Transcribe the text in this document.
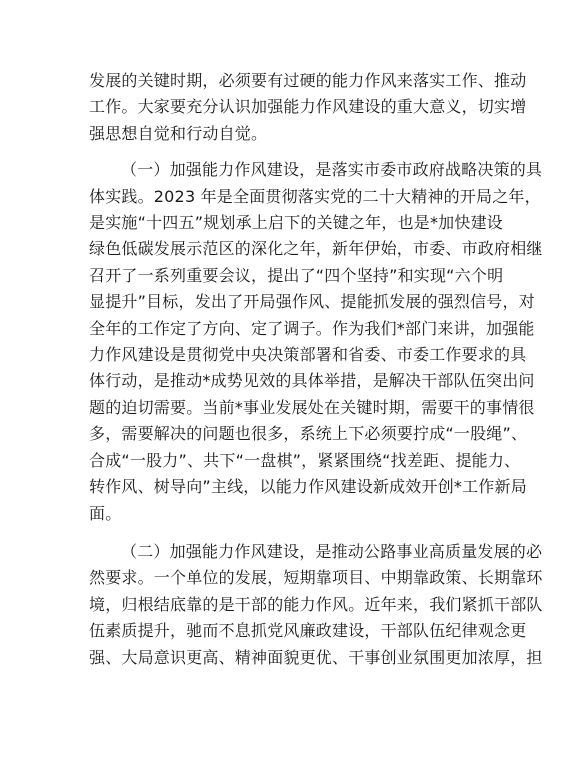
发展的关键时期，必须要有过硬的能力作风来落实工作、推动
工作。大家要充分认识加强能力作风建设的重大意义，切实增
强思想自觉和行动自觉。
（一）加强能力作风建设，是落实市委市政府战略决策的具
体实践。2023 年是全面贯彻落实党的二十大精神的开局之年，
是实施“十四五”规划承上启下的关键之年，也是*加快建设
绿色低碳发展示范区的深化之年，新年伊始，市委、市政府相继
召开了一系列重要会议，提出了“四个坚持”和实现“六个明
显提升”目标，发出了开局强作风、提能抓发展的强烈信号，对
全年的工作定了方向、定了调子。作为我们*部门来讲，加强能
力作风建设是贯彻党中央决策部署和省委、市委工作要求的具
体行动，是推动*成势见效的具体举措，是解决干部队伍突出问
题的迫切需要。当前*事业发展处在关键时期，需要干的事情很
多，需要解决的问题也很多，系统上下必须要拧成“一股绳”、
合成“一股力”、共下“一盘棋”，紧紧围绕“找差距、提能力、
转作风、树导向”主线，以能力作风建设新成效开创*工作新局
面。
（二）加强能力作风建设，是推动公路事业高质量发展的必
然要求。一个单位的发展，短期靠项目、中期靠政策、长期靠环
境，归根结底靠的是干部的能力作风。近年来，我们紧抓干部队
伍素质提升，驰而不息抓党风廉政建设，干部队伍纪律观念更
强、大局意识更高、精神面貌更优、干事创业氛围更加浓厚，担
